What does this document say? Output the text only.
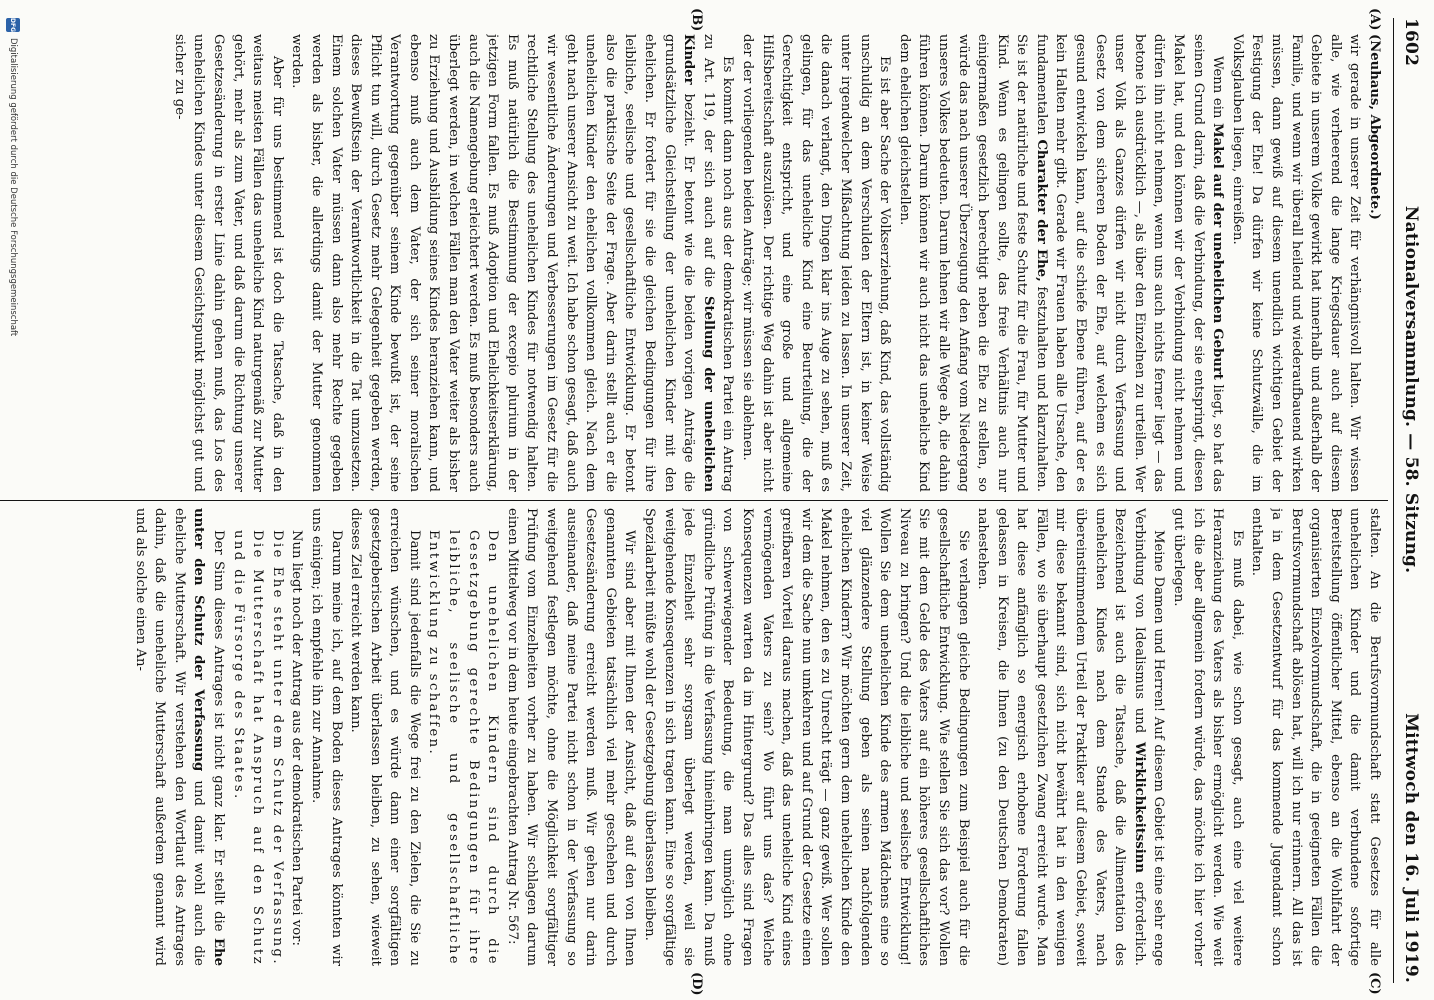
1602
Nationalversammlung. — 58. Sitzung.
Mittwoch den 16. Juli 1919.
(A)
(B)
(C)
(D)

(Neuhaus, Abgeordnete.)

wir gerade in unserer Zeit für verhängnisvoll halten. Wir wissen alle, wie verheerend die lange Kriegsdauer auch auf diesem Gebiete in unserem Volke gewirkt hat innerhalb und außerhalb der Familie, und wenn wir überall heilend und wiederaufbauend wirken müssen, dann gewiß auf diesem unendlich wichtigen Gebiet der Festigung der Ehe! Da dürfen wir keine Schutzwälle, die im Volksglauben liegen, einreißen.

Wenn ein Makel auf der unehelichen Geburt liegt, so hat das seinen Grund darin, daß die Verbindung, der sie entspringt, diesen Makel hat, und den können wir der Verbindung nicht nehmen und dürfen ihn nicht nehmen, wenn uns auch nichts ferner liegt — das betone ich ausdrücklich —, als über den Einzelnen zu urteilen. Wer unser Volk als Ganzes dürfen wir nicht durch Verfassung und Gesetz von dem sicheren Boden der Ehe, auf welchem es sich gesund entwickeln kann, auf die schiefe Ebene führen, auf der es kein Halten mehr gibt. Gerade wir Frauen haben alle Ursache, den fundamentalen Charakter der Ehe, festzuhalten und klarzuhalten. Sie ist der natürliche und feste Schutz für die Frau, für Mutter und Kind. Wenn es gelingen sollte, das freie Verhältnis auch nur einigermaßen gesetzlich berechtigt neben die Ehe zu stellen, so würde das nach unserer Überzeugung den Anfang vom Niedergang unseres Volkes bedeuten. Darum lehnen wir alle Wege ab, die dahin führen können. Darum können wir auch nicht das uneheliche Kind dem ehelichen gleichstellen.

Es ist aber Sache der Volkserziehung, daß Kind, das vollständig unschuldig an dem Verschulden der Eltern ist, in keiner Weise unter irgendwelcher Mißachtung leiden zu lassen. In unserer Zeit, die danach verlangt, den Dingen klar ins Auge zu sehen, muß es gelingen, für das uneheliche Kind eine Beurteilung, die der Gerechtigkeit entspricht, und eine große und allgemeine Hilfsbereitschaft auszulösen. Der richtige Weg dahin ist aber nicht der der vorliegenden beiden Anträge; wir müssen sie ablehnen.

Es kommt dann noch aus der demokratischen Partei ein Antrag zu Art. 119, der sich auch auf die Stellung der unehelichen Kinder bezieht. Er betont wie die beiden vorigen Anträge die grundsätzliche Gleichstellung der unehelichen Kinder mit den ehelichen. Er fordert für sie die gleichen Bedingungen für ihre leibliche, seelische und gesellschaftliche Entwicklung. Er betont also die praktische Seite der Frage. Aber darin stellt auch er die unehelichen Kinder den ehelichen vollkommen gleich. Nach dem geht nach unserer Ansicht zu weit. Ich habe schon gesagt, daß auch wir wesentliche Änderungen und Verbesserungen im Gesetz für die rechtliche Stellung des unehelichen Kindes für notwendig halten. Es muß natürlich die Bestimmung der excepio plurium in der jetzigen Form fallen. Es muß Adoption und Ehelichkeitserklärung, auch die Namengebung erleichtert werden. Es muß besonders auch überlegt werden, in welchen Fällen man den Vater weiter als bisher zu Erziehung und Ausbildung seines Kindes heranziehen kann, und ebenso muß auch dem Vater, der sich seiner moralischen Verantwortung gegenüber seinem Kinde bewußt ist, der seine Pflicht tun will, durch Gesetz mehr Gelegenheit gegeben werden, dieses Bewußtsein der Verantwortlichkeit in die Tat umzusetzen. Einem solchen Vater müssen dann also mehr Rechte gegeben werden als bisher, die allerdings damit der Mutter genommen werden.

Aber für uns bestimmend ist doch die Tatsache, daß in den weitaus meisten Fällen das uneheliche Kind naturgemäß zur Mutter gehört, mehr als zum Vater, und daß darum die Richtung unserer Gesetzesänderung in erster Linie dahin gehen muß, das Los des unehelichen Kindes unter diesem Gesichtspunkt möglichst gut und sicher zu ge-

stalten. An die Berufsvormundschaft statt Gesetzes für alle unehelichen Kinder und die damit verbundene sofortige Bereitstellung öffentlicher Mittel, ebenso an die Wohlfahrt der organisierten Einzelvormundschaft, die in geeigneten Fällen die Berufsvormundschaft ablösen hat, will ich nur erinnern. All das ist ja in dem Gesetzentwurf für das kommende Jugendamt schon enthalten.

Es muß dabei, wie schon gesagt, auch eine viel weitere Heranziehung des Vaters als bisher ermöglicht werden. Wie weit ich die aber allgemein fordern würde, das möchte ich hier vorher gut überlegen.

Meine Damen und Herren! Auf diesem Gebiet ist eine sehr enge Verbindung von Idealismus und Wirklichkeitssinn erforderlich. Bezeichnend ist auch die Tatsache, daß die Alimentation des unehelichen Kindes nach dem Stande des Vaters, nach übereinstimmendem Urteil der Praktiker auf diesem Gebiet, soweit mir diese bekannt sind, sich nicht bewährt hat in den wenigen Fällen, wo sie überhaupt gesetzlichen Zwang erreicht wurde. Man hat diese anfänglich so energisch erhobene Forderung fallen gelassen in Kreisen, die Ihnen (zu den Deutschen Demokraten) nahestehen.

Sie verlangen gleiche Bedingungen zum Beispiel auch für die gesellschaftliche Entwicklung. Wie stellen Sie sich das vor? Wollen Sie mit dem Gelde des Vaters auf ein höheres gesellschaftliches Niveau zu bringen? Und die leibliche und seelische Entwicklung! Wollen Sie dem unehelichen Kinde des armen Mädchens eine so viel glänzendere Stellung geben als seinen nachfolgenden ehelichen Kindern? Wir möchten gern dem unehelichen Kinde den Makel nehmen, den es zu Unrecht trägt — ganz gewiß. Wer sollen wir dem die Sache nun umkehren und auf Grund der Gesetze einen greifbaren Vorteil daraus machen, daß das uneheliche Kind eines vermögenden Vaters zu sein? Wo führt uns das? Welche Konsequenzen warten da im Hintergrund? Das alles sind Fragen von schwerwiegender Bedeutung, die man unmöglich ohne gründliche Prüfung in die Verfassung hineinbringen kann. Da muß jede Einzelheit sehr sorgsam überlegt werden, weil sie weitgehende Konsequenzen in sich tragen kann. Eine so sorgfältige Spezialarbeit müßte wohl der Gesetzgebung überlassen bleiben.

Wir sind aber mit Ihnen der Ansicht, daß auf den von Ihnen genannten Gebieten tatsächlich viel mehr geschehen und durch Gesetzesänderung erreicht werden muß. Wir gehen nur darin auseinander, daß meine Partei nicht schon in der Verfassung so weitgehend festlegen möchte, ohne die Möglichkeit sorgfältiger Prüfung vom Einzelheiten vorher zu haben. Wir schlagen darum einen Mittelweg vor in dem heute eingebrachten Antrag Nr. 567:

Den unehelichen Kindern sind durch die Gesetzgebung gerechte Bedingungen für ihre leibliche, seelische und gesellschaftliche Entwicklung zu schaffen.

Damit sind jedenfalls die Wege frei zu den Zielen, die Sie zu erreichen wünschen, und es würde dann einer sorgfältigen gesetzgeberischen Arbeit überlassen bleiben, zu sehen, wieweit dieses Ziel erreicht werden kann.

Darum meine ich, auf dem Boden dieses Antrages könnten wir uns einigen; ich empfehle ihn zur Annahme.

Nun liegt noch der Antrag aus der demokratischen Partei vor:

Die Ehe steht unter dem Schutz der Verfassung. Die Mutterschaft hat Anspruch auf den Schutz und die Fürsorge des Staates.

Der Sinn dieses Antrages ist nicht ganz klar. Er stellt die Ehe unter den Schutz der Verfassung und damit wohl auch die eheliche Mutterschaft. Wir verstehen den Wortlaut des Antrages dahin, daß die uneheliche Mutterschaft außerdem genannt wird und als solche einen An-

DFG
Digitalisierung gefördert durch die Deutsche Forschungsgemeinschaft
